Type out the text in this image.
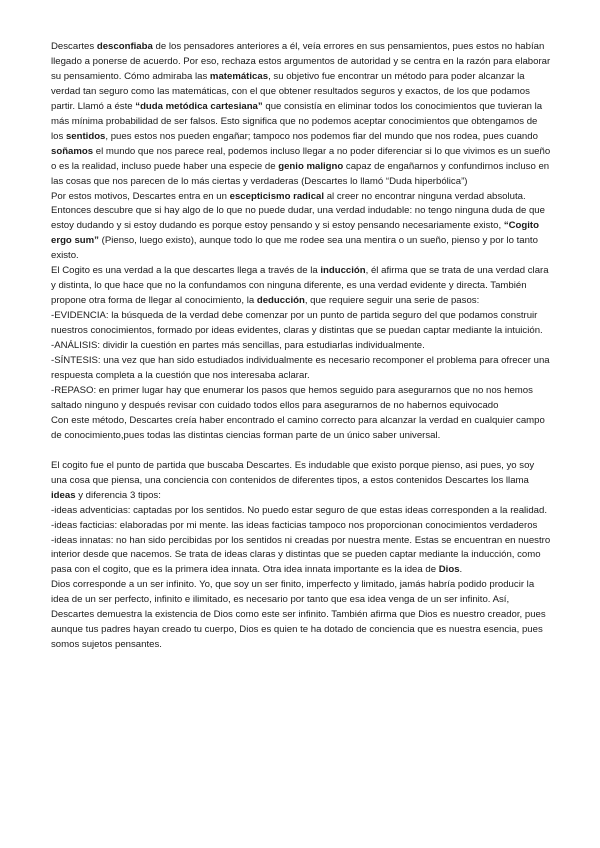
Descartes desconfiaba de los pensadores anteriores a él, veía errores en sus pensamientos, pues estos no habían llegado a ponerse de acuerdo. Por eso, rechaza estos argumentos de autoridad y se centra en la razón para elaborar su pensamiento. Cómo admiraba las matemáticas, su objetivo fue encontrar un método para poder alcanzar la verdad tan seguro como las matemáticas, con el que obtener resultados seguros y exactos, de los que podamos partir. Llamó a éste “duda metódica cartesiana” que consistía en eliminar todos los conocimientos que tuvieran la más mínima probabilidad de ser falsos. Esto significa que no podemos aceptar conocimientos que obtengamos de los sentidos, pues estos nos pueden engañar; tampoco nos podemos fiar del mundo que nos rodea, pues cuando soñamos el mundo que nos parece real, podemos incluso llegar a no poder diferenciar si lo que vivimos es un sueño o es la realidad, incluso puede haber una especie de genio maligno capaz de engañarnos y confundirnos incluso en las cosas que nos parecen de lo más ciertas y verdaderas (Descartes lo llamó “Duda hiperbólica”)

Por estos motivos, Descartes entra en un escepticismo radical al creer no encontrar ninguna verdad absoluta. Entonces descubre que si hay algo de lo que no puede dudar, una verdad indudable: no tengo ninguna duda de que estoy dudando y si estoy dudando es porque estoy pensando y si estoy pensando necesariamente existo, “Cogito ergo sum” (Pienso, luego existo), aunque todo lo que me rodee sea una mentira o un sueño, pienso y por lo tanto existo.

El Cogito es una verdad a la que descartes llega a través de la inducción, él afirma que se trata de una verdad clara y distinta, lo que hace que no la confundamos con ninguna diferente, es una verdad evidente y directa. También propone otra forma de llegar al conocimiento, la deducción, que requiere seguir una serie de pasos:

-EVIDENCIA: la búsqueda de la verdad debe comenzar por un punto de partida seguro del que podamos construir nuestros conocimientos, formado por ideas evidentes, claras y distintas que se puedan captar mediante la intuición.

-ANÁLISIS: dividir la cuestión en partes más sencillas, para estudiarlas individualmente.

-SÍNTESIS: una vez que han sido estudiados individualmente es necesario recomponer el problema para ofrecer una respuesta completa a la cuestión que nos interesaba aclarar.

-REPASO: en primer lugar hay que enumerar los pasos que hemos seguido para asegurarnos que no nos hemos saltado ninguno y después revisar con cuidado todos ellos para asegurarnos de no habernos equivocado

Con este método, Descartes creía haber encontrado el camino correcto para alcanzar la verdad en cualquier campo de conocimiento,pues todas las distintas ciencias forman parte de un único saber universal.

El cogito fue el punto de partida que buscaba Descartes. Es indudable que existo porque pienso, asi pues, yo soy una cosa que piensa, una conciencia con contenidos de diferentes tipos, a estos contenidos Descartes los llama ideas y diferencia 3 tipos:

-ideas adventicias: captadas por los sentidos. No puedo estar seguro de que estas ideas corresponden a la realidad.

-ideas facticias: elaboradas por mi mente. las ideas facticias tampoco nos proporcionan conocimientos verdaderos

-ideas innatas: no han sido percibidas por los sentidos ni creadas por nuestra mente. Estas se encuentran en nuestro interior desde que nacemos. Se trata de ideas claras y distintas que se pueden captar mediante la inducción, como pasa con el cogito, que es la primera idea innata. Otra idea innata importante es la idea de Dios.

Dios corresponde a un ser infinito. Yo, que soy un ser finito, imperfecto y limitado, jamás habría podido producir la idea de un ser perfecto, infinito e ilimitado, es necesario por tanto que esa idea venga de un ser infinito. Así, Descartes demuestra la existencia de Dios como este ser infinito. También afirma que Dios es nuestro creador, pues aunque tus padres hayan creado tu cuerpo, Dios es quien te ha dotado de conciencia que es nuestra esencia, pues somos sujetos pensantes.
